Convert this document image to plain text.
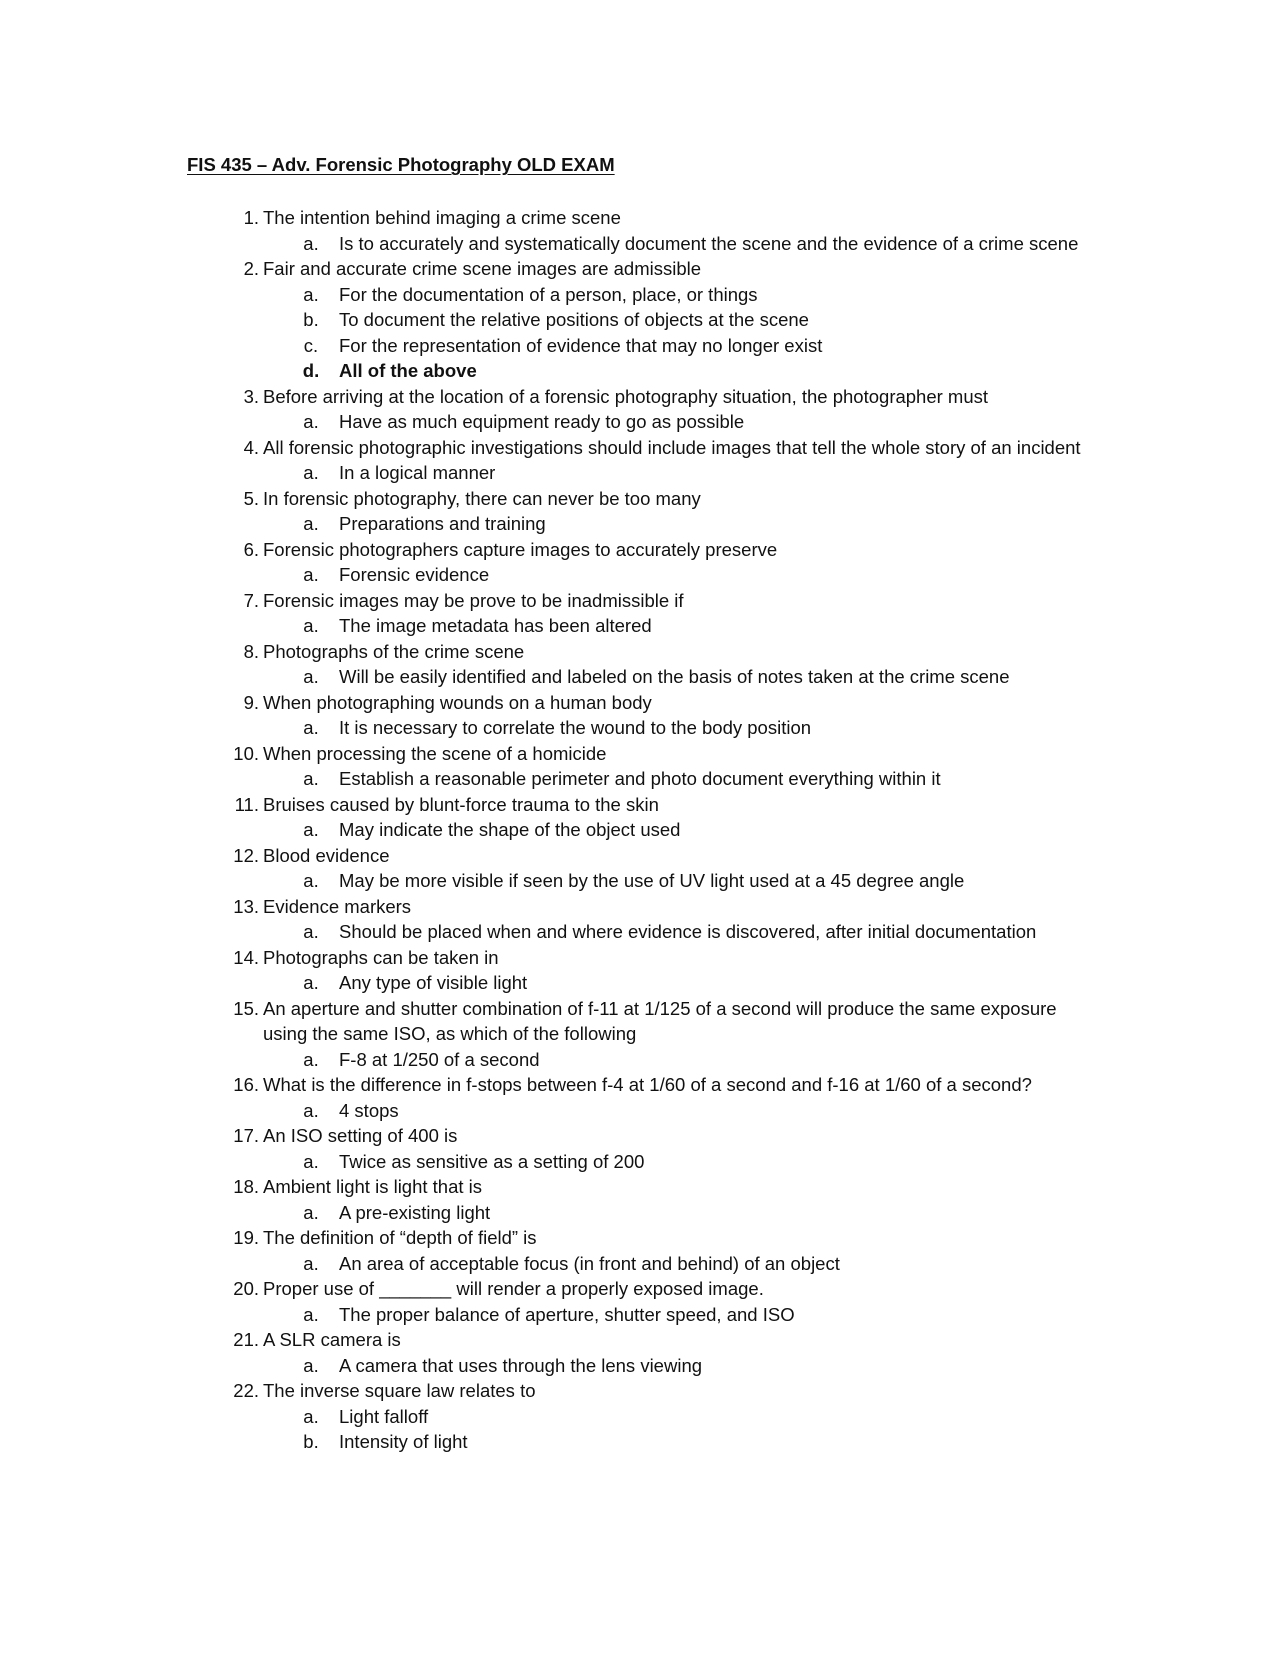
FIS 435 – Adv. Forensic Photography OLD EXAM
1. The intention behind imaging a crime scene
a. Is to accurately and systematically document the scene and the evidence of a crime scene
2. Fair and accurate crime scene images are admissible
a. For the documentation of a person, place, or things
b. To document the relative positions of objects at the scene
c. For the representation of evidence that may no longer exist
d. All of the above
3. Before arriving at the location of a forensic photography situation, the photographer must
a. Have as much equipment ready to go as possible
4. All forensic photographic investigations should include images that tell the whole story of an incident
a. In a logical manner
5. In forensic photography, there can never be too many
a. Preparations and training
6. Forensic photographers capture images to accurately preserve
a. Forensic evidence
7. Forensic images may be prove to be inadmissible if
a. The image metadata has been altered
8. Photographs of the crime scene
a. Will be easily identified and labeled on the basis of notes taken at the crime scene
9. When photographing wounds on a human body
a. It is necessary to correlate the wound to the body position
10. When processing the scene of a homicide
a. Establish a reasonable perimeter and photo document everything within it
11. Bruises caused by blunt-force trauma to the skin
a. May indicate the shape of the object used
12. Blood evidence
a. May be more visible if seen by the use of UV light used at a 45 degree angle
13. Evidence markers
a. Should be placed when and where evidence is discovered, after initial documentation
14. Photographs can be taken in
a. Any type of visible light
15. An aperture and shutter combination of f-11 at 1/125 of a second will produce the same exposure using the same ISO, as which of the following
a. F-8 at 1/250 of a second
16. What is the difference in f-stops between f-4 at 1/60 of a second and f-16 at 1/60 of a second?
a. 4 stops
17. An ISO setting of 400 is
a. Twice as sensitive as a setting of 200
18. Ambient light is light that is
a. A pre-existing light
19. The definition of “depth of field” is
a. An area of acceptable focus (in front and behind) of an object
20. Proper use of _______ will render a properly exposed image.
a. The proper balance of aperture, shutter speed, and ISO
21. A SLR camera is
a. A camera that uses through the lens viewing
22. The inverse square law relates to
a. Light falloff
b. Intensity of light
